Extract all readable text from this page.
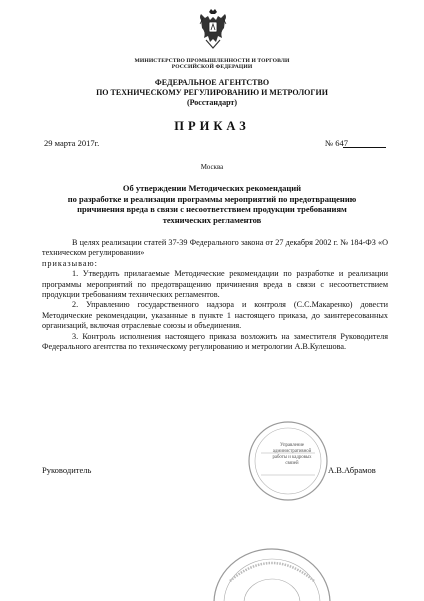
МИНИСТЕРСТВО ПРОМЫШЛЕННОСТИ И ТОРГОВЛИ
РОССИЙСКОЙ ФЕДЕРАЦИИ
ФЕДЕРАЛЬНОЕ АГЕНТСТВО
ПО ТЕХНИЧЕСКОМУ РЕГУЛИРОВАНИЮ И МЕТРОЛОГИИ
(Росстандарт)
ПРИКАЗ
29 марта 2017г.	№ 647
Москва
Об утверждении Методических рекомендаций
по разработке и реализации программы мероприятий по предотвращению
причинения вреда в связи с несоответствием продукции требованиям
технических регламентов

В целях реализации статей 37-39 Федерального закона от 27 декабря 2002 г. № 184-ФЗ «О техническом регулировании»
приказываю:

1. Утвердить прилагаемые Методические рекомендации по разработке и реализации программы мероприятий по предотвращению причинения вреда в связи с несоответствием продукции требованиям технических регламентов.

2. Управлению государственного надзора и контроля (С.С.Макаренко) довести Методические рекомендации, указанные в пункте 1 настоящего приказа, до заинтересованных организаций, включая отраслевые союзы и объединения.

3. Контроль исполнения настоящего приказа возложить на заместителя Руководителя Федерального агентства по техническому регулированию и метрологии А.В.Кулешова.

Управление
административной
работы и кадровых
связей
Руководитель	А.В.Абрамов
